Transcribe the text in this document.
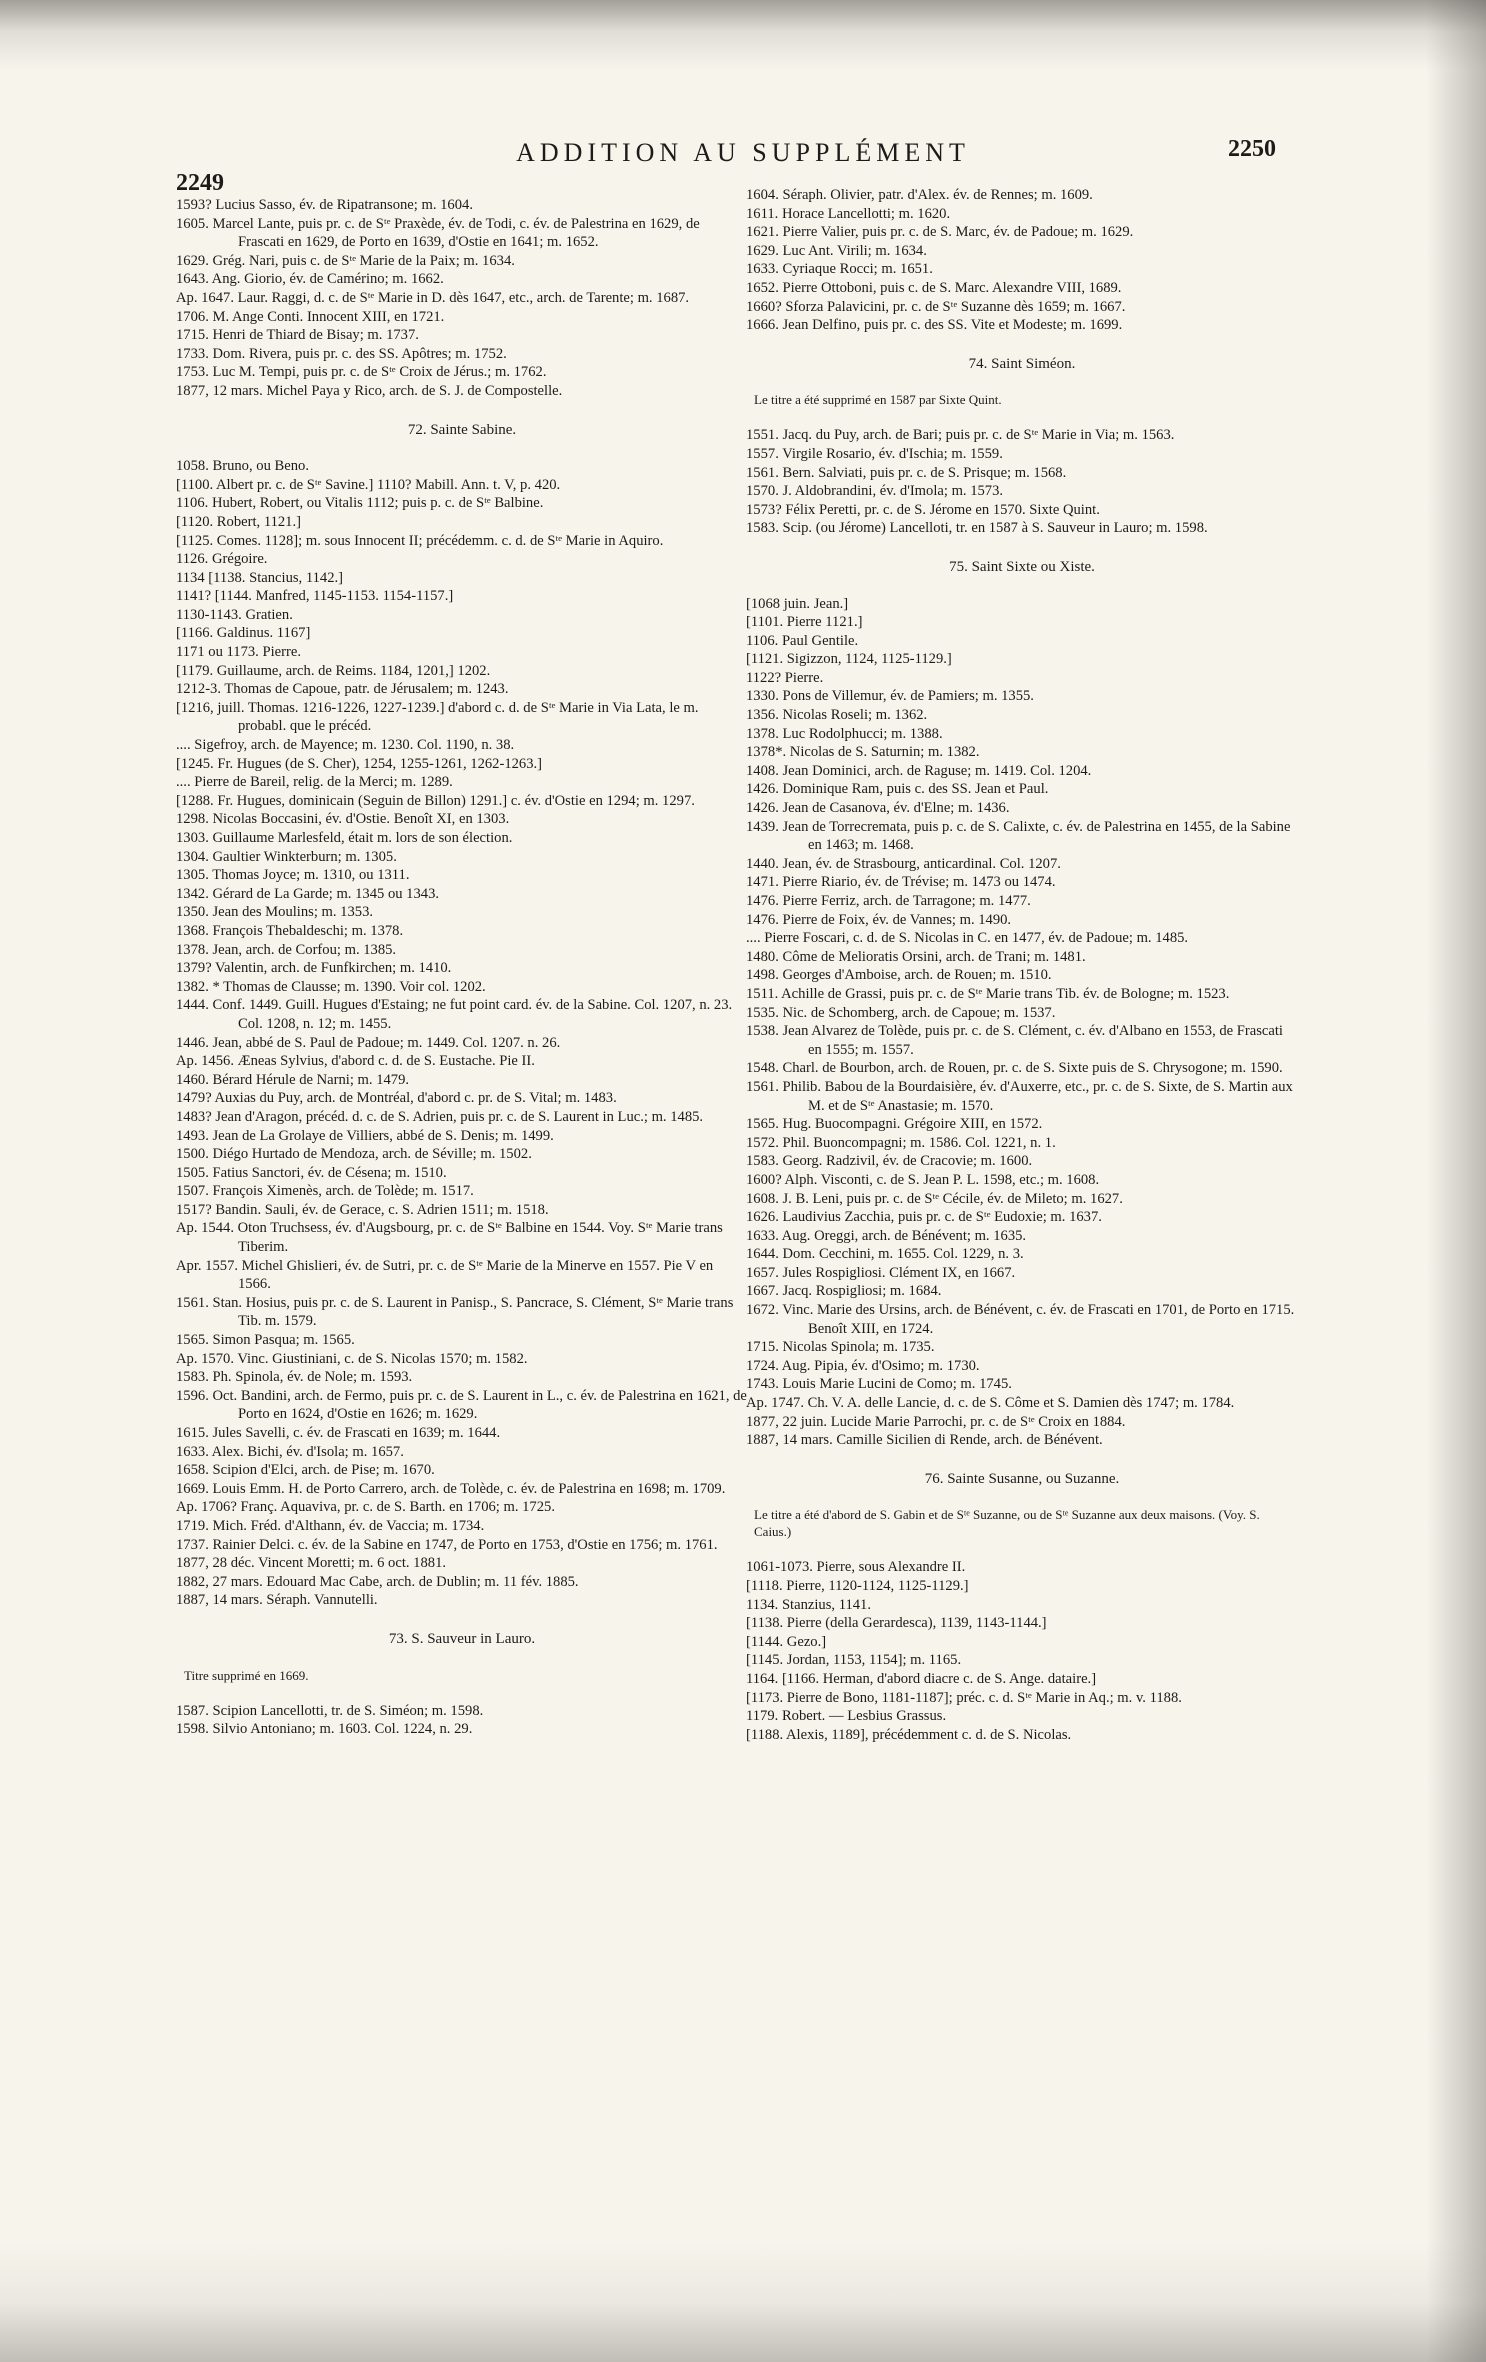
2249
ADDITION AU SUPPLÉMENT	2250

1593? Lucius Sasso, év. de Ripatransone; m. 1604.

1605. Marcel Lante, puis pr. c. de Sᵗᵉ Praxède, év. de Todi, c. év. de Palestrina en 1629, de Frascati en 1629, de Porto en 1639, d'Ostie en 1641; m. 1652.

1629. Grég. Nari, puis c. de Sᵗᵉ Marie de la Paix; m. 1634.

1643. Ang. Giorio, év. de Camérino; m. 1662.

Ap. 1647. Laur. Raggi, d. c. de Sᵗᵉ Marie in D. dès 1647, etc., arch. de Tarente; m. 1687.

1706. M. Ange Conti. Innocent XIII, en 1721.

1715. Henri de Thiard de Bisay; m. 1737.

1733. Dom. Rivera, puis pr. c. des SS. Apôtres; m. 1752.

1753. Luc M. Tempi, puis pr. c. de Sᵗᵉ Croix de Jérus.; m. 1762.

1877, 12 mars. Michel Paya y Rico, arch. de S. J. de Compostelle.

72. Sainte Sabine.

1058. Bruno, ou Beno.

[1100. Albert pr. c. de Sᵗᵉ Savine.] 1110? Mabill. Ann. t. V, p. 420.

1106. Hubert, Robert, ou Vitalis 1112; puis p. c. de Sᵗᵉ Balbine.

[1120. Robert, 1121.]

[1125. Comes. 1128]; m. sous Innocent II; précédemm. c. d. de Sᵗᵉ Marie in Aquiro.

1126. Grégoire.

1134 [1138. Stancius, 1142.]

1141? [1144. Manfred, 1145-1153. 1154-1157.]

1130-1143. Gratien.

[1166. Galdinus. 1167]

1171 ou 1173. Pierre.

[1179. Guillaume, arch. de Reims. 1184, 1201,] 1202.

1212-3. Thomas de Capoue, patr. de Jérusalem; m. 1243.

[1216, juill. Thomas. 1216-1226, 1227-1239.] d'abord c. d. de Sᵗᵉ Marie in Via Lata, le m. probabl. que le précéd.

.... Sigefroy, arch. de Mayence; m. 1230. Col. 1190, n. 38.

[1245. Fr. Hugues (de S. Cher), 1254, 1255-1261, 1262-1263.]

.... Pierre de Bareil, relig. de la Merci; m. 1289.

[1288. Fr. Hugues, dominicain (Seguin de Billon) 1291.] c. év. d'Ostie en 1294; m. 1297.

1298. Nicolas Boccasini, év. d'Ostie. Benoît XI, en 1303.

1303. Guillaume Marlesfeld, était m. lors de son élection.

1304. Gaultier Winkterburn; m. 1305.

1305. Thomas Joyce; m. 1310, ou 1311.

1342. Gérard de La Garde; m. 1345 ou 1343.

1350. Jean des Moulins; m. 1353.

1368. François Thebaldeschi; m. 1378.

1378. Jean, arch. de Corfou; m. 1385.

1379? Valentin, arch. de Funfkirchen; m. 1410.

1382. * Thomas de Clausse; m. 1390. Voir col. 1202.

1444. Conf. 1449. Guill. Hugues d'Estaing; ne fut point card. év. de la Sabine. Col. 1207, n. 23. Col. 1208, n. 12; m. 1455.

1446. Jean, abbé de S. Paul de Padoue; m. 1449. Col. 1207. n. 26.

Ap. 1456. Æneas Sylvius, d'abord c. d. de S. Eustache. Pie II.

1460. Bérard Hérule de Narni; m. 1479.

1479? Auxias du Puy, arch. de Montréal, d'abord c. pr. de S. Vital; m. 1483.

1483? Jean d'Aragon, précéd. d. c. de S. Adrien, puis pr. c. de S. Laurent in Luc.; m. 1485.

1493. Jean de La Grolaye de Villiers, abbé de S. Denis; m. 1499.

1500. Diégo Hurtado de Mendoza, arch. de Séville; m. 1502.

1505. Fatius Sanctori, év. de Césena; m. 1510.

1507. François Ximenès, arch. de Tolède; m. 1517.

1517? Bandin. Sauli, év. de Gerace, c. S. Adrien 1511; m. 1518.

Ap. 1544. Oton Truchsess, év. d'Augsbourg, pr. c. de Sᵗᵉ Balbine en 1544. Voy. Sᵗᵉ Marie trans Tiberim.

Apr. 1557. Michel Ghislieri, év. de Sutri, pr. c. de Sᵗᵉ Marie de la Minerve en 1557. Pie V en 1566.

1561. Stan. Hosius, puis pr. c. de S. Laurent in Panisp., S. Pancrace, S. Clément, Sᵗᵉ Marie trans Tib. m. 1579.

1565. Simon Pasqua; m. 1565.

Ap. 1570. Vinc. Giustiniani, c. de S. Nicolas 1570; m. 1582.

1583. Ph. Spinola, év. de Nole; m. 1593.

1596. Oct. Bandini, arch. de Fermo, puis pr. c. de S. Laurent in L., c. év. de Palestrina en 1621, de Porto en 1624, d'Ostie en 1626; m. 1629.

1615. Jules Savelli, c. év. de Frascati en 1639; m. 1644.

1633. Alex. Bichi, év. d'Isola; m. 1657.

1658. Scipion d'Elci, arch. de Pise; m. 1670.

1669. Louis Emm. H. de Porto Carrero, arch. de Tolède, c. év. de Palestrina en 1698; m. 1709.

Ap. 1706? Franç. Aquaviva, pr. c. de S. Barth. en 1706; m. 1725.

1719. Mich. Fréd. d'Althann, év. de Vaccia; m. 1734.

1737. Rainier Delci. c. év. de la Sabine en 1747, de Porto en 1753, d'Ostie en 1756; m. 1761.

1877, 28 déc. Vincent Moretti; m. 6 oct. 1881.

1882, 27 mars. Edouard Mac Cabe, arch. de Dublin; m. 11 fév. 1885.

1887, 14 mars. Séraph. Vannutelli.

73. S. Sauveur in Lauro.
Titre supprimé en 1669.

1587. Scipion Lancellotti, tr. de S. Siméon; m. 1598.

1598. Silvio Antoniano; m. 1603. Col. 1224, n. 29.

1604. Séraph. Olivier, patr. d'Alex. év. de Rennes; m. 1609.

1611. Horace Lancellotti; m. 1620.

1621. Pierre Valier, puis pr. c. de S. Marc, év. de Padoue; m. 1629.

1629. Luc Ant. Virili; m. 1634.

1633. Cyriaque Rocci; m. 1651.

1652. Pierre Ottoboni, puis c. de S. Marc. Alexandre VIII, 1689.

1660? Sforza Palavicini, pr. c. de Sᵗᵉ Suzanne dès 1659; m. 1667.

1666. Jean Delfino, puis pr. c. des SS. Vite et Modeste; m. 1699.

74. Saint Siméon.
Le titre a été supprimé en 1587 par Sixte Quint.

1551. Jacq. du Puy, arch. de Bari; puis pr. c. de Sᵗᵉ Marie in Via; m. 1563.

1557. Virgile Rosario, év. d'Ischia; m. 1559.

1561. Bern. Salviati, puis pr. c. de S. Prisque; m. 1568.

1570. J. Aldobrandini, év. d'Imola; m. 1573.

1573? Félix Peretti, pr. c. de S. Jérome en 1570. Sixte Quint.

1583. Scip. (ou Jérome) Lancelloti, tr. en 1587 à S. Sauveur in Lauro; m. 1598.

75. Saint Sixte ou Xiste.

[1068 juin. Jean.]

[1101. Pierre 1121.]

1106. Paul Gentile.

[1121. Sigizzon, 1124, 1125-1129.]

1122? Pierre.

1330. Pons de Villemur, év. de Pamiers; m. 1355.

1356. Nicolas Roseli; m. 1362.

1378. Luc Rodolphucci; m. 1388.

1378*. Nicolas de S. Saturnin; m. 1382.

1408. Jean Dominici, arch. de Raguse; m. 1419. Col. 1204.

1426. Dominique Ram, puis c. des SS. Jean et Paul.

1426. Jean de Casanova, év. d'Elne; m. 1436.

1439. Jean de Torrecremata, puis p. c. de S. Calixte, c. év. de Palestrina en 1455, de la Sabine en 1463; m. 1468.

1440. Jean, év. de Strasbourg, anticardinal. Col. 1207.

1471. Pierre Riario, év. de Trévise; m. 1473 ou 1474.

1476. Pierre Ferriz, arch. de Tarragone; m. 1477.

1476. Pierre de Foix, év. de Vannes; m. 1490.

.... Pierre Foscari, c. d. de S. Nicolas in C. en 1477, év. de Padoue; m. 1485.

1480. Côme de Melioratis Orsini, arch. de Trani; m. 1481.

1498. Georges d'Amboise, arch. de Rouen; m. 1510.

1511. Achille de Grassi, puis pr. c. de Sᵗᵉ Marie trans Tib. év. de Bologne; m. 1523.

1535. Nic. de Schomberg, arch. de Capoue; m. 1537.

1538. Jean Alvarez de Tolède, puis pr. c. de S. Clément, c. év. d'Albano en 1553, de Frascati en 1555; m. 1557.

1548. Charl. de Bourbon, arch. de Rouen, pr. c. de S. Sixte puis de S. Chrysogone; m. 1590.

1561. Philib. Babou de la Bourdaisière, év. d'Auxerre, etc., pr. c. de S. Sixte, de S. Martin aux M. et de Sᵗᵉ Anastasie; m. 1570.

1565. Hug. Buocompagni. Grégoire XIII, en 1572.

1572. Phil. Buoncompagni; m. 1586. Col. 1221, n. 1.

1583. Georg. Radzivil, év. de Cracovie; m. 1600.

1600? Alph. Visconti, c. de S. Jean P. L. 1598, etc.; m. 1608.

1608. J. B. Leni, puis pr. c. de Sᵗᵉ Cécile, év. de Mileto; m. 1627.

1626. Laudivius Zacchia, puis pr. c. de Sᵗᵉ Eudoxie; m. 1637.

1633. Aug. Oreggi, arch. de Bénévent; m. 1635.

1644. Dom. Cecchini, m. 1655. Col. 1229, n. 3.

1657. Jules Rospigliosi. Clément IX, en 1667.

1667. Jacq. Rospigliosi; m. 1684.

1672. Vinc. Marie des Ursins, arch. de Bénévent, c. év. de Frascati en 1701, de Porto en 1715. Benoît XIII, en 1724.

1715. Nicolas Spinola; m. 1735.

1724. Aug. Pipia, év. d'Osimo; m. 1730.

1743. Louis Marie Lucini de Como; m. 1745.

Ap. 1747. Ch. V. A. delle Lancie, d. c. de S. Côme et S. Damien dès 1747; m. 1784.

1877, 22 juin. Lucide Marie Parrochi, pr. c. de Sᵗᵉ Croix en 1884.

1887, 14 mars. Camille Sicilien di Rende, arch. de Bénévent.

76. Sainte Susanne, ou Suzanne.
Le titre a été d'abord de S. Gabin et de Sᵗᵉ Suzanne, ou de Sᵗᵉ Suzanne aux deux maisons. (Voy. S. Caius.)

1061-1073. Pierre, sous Alexandre II.

[1118. Pierre, 1120-1124, 1125-1129.]

1134. Stanzius, 1141.

[1138. Pierre (della Gerardesca), 1139, 1143-1144.]

[1144. Gezo.]

[1145. Jordan, 1153, 1154]; m. 1165.

1164. [1166. Herman, d'abord diacre c. de S. Ange. dataire.]

[1173. Pierre de Bono, 1181-1187]; préc. c. d. Sᵗᵉ Marie in Aq.; m. v. 1188.

1179. Robert. — Lesbius Grassus.

[1188. Alexis, 1189], précédemment c. d. de S. Nicolas.
